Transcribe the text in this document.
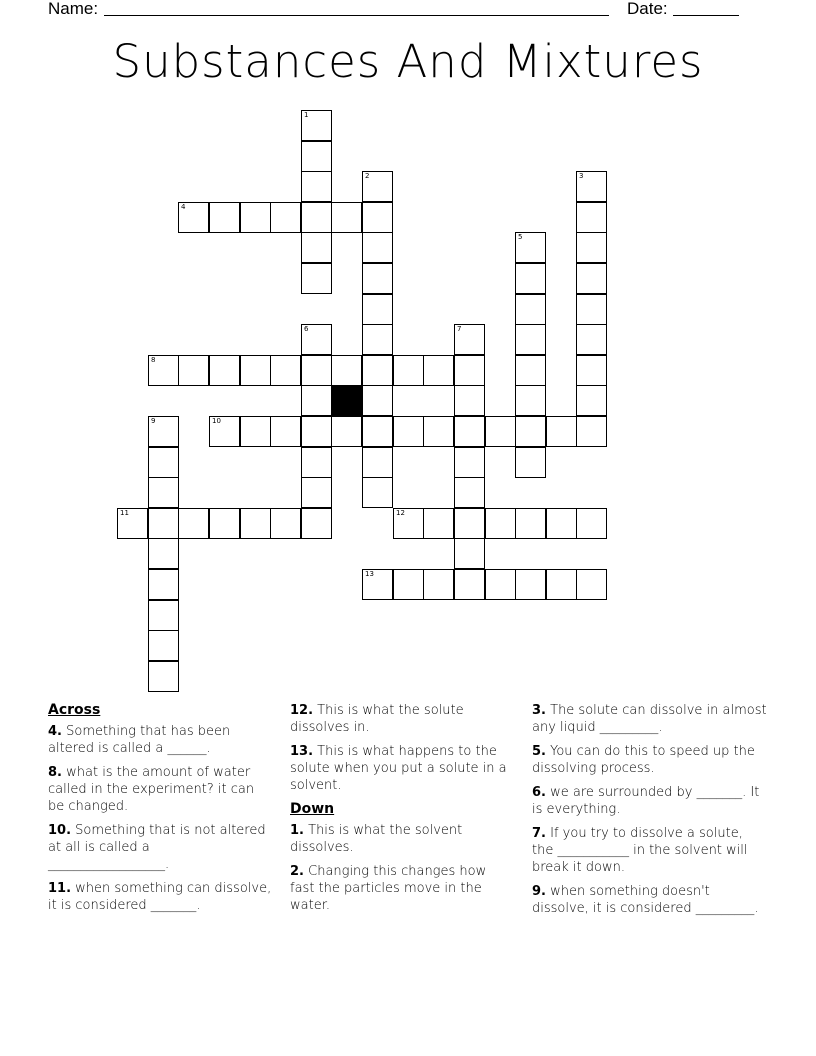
Name:	Date:
Substances And Mixtures
1
2	3
4
5
6	7
8
9	10
11	12
13
Across
4. Something that has been altered is called a ______.
8. what is the amount of water called in the experiment? it can be changed.
10. Something that is not altered at all is called a __________________.
11. when something can dissolve, it is considered _______.
12. This is what the solute dissolves in.
13. This is what happens to the solute when you put a solute in a solvent.
Down
1. This is what the solvent dissolves.
2. Changing this changes how fast the particles move in the water.
3. The solute can dissolve in almost any liquid _________.
5. You can do this to speed up the dissolving process.
6. we are surrounded by _______. It is everything.
7. If you try to dissolve a solute, the ___________ in the solvent will break it down.
9. when something doesn't dissolve, it is considered _________.
